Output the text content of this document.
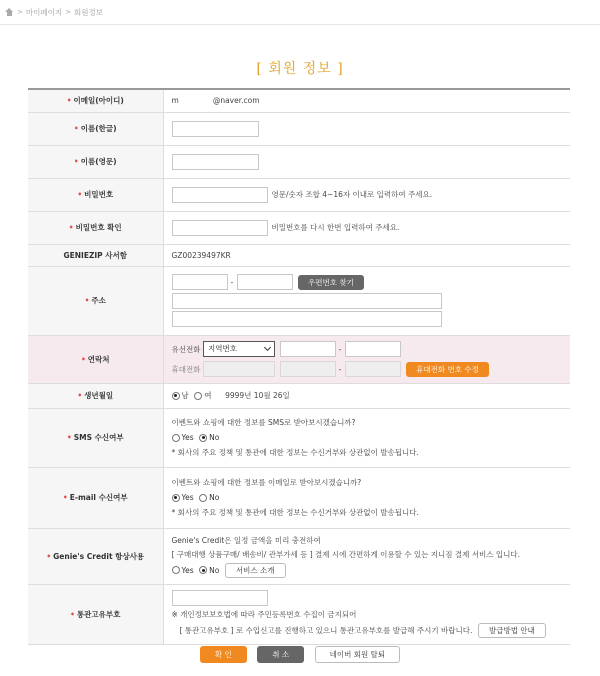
> 마이페이지 > 회원정보
[ 회원 정보 ]
• 이메일(아이디)	m @naver.com
• 이름(한글)	
• 이름(영문)	
• 비밀번호	영문/숫자 조합 4~16자 이내로 입력하여 주세요.
• 비밀번호 확인	비밀번호를 다시 한번 입력하여 주세요.
GENIEZIP 사서함	GZ00239497KR
• 주소	- 우편번호 찾기

• 연락처	유선전화 지역번호 -
휴대전화 - 휴대전화 번호 수정

• 생년월일	남 여 9999년 10월 26일
• SMS 수신여부	이벤트와 쇼핑에 대한 정보를 SMS로 받아보시겠습니까?
Yes No
* 회사의 주요 정책 및 통관에 대한 정보는 수신거부와 상관없이 발송됩니다.

• E-mail 수신여부	이벤트와 쇼핑에 대한 정보를 이메일로 받아보시겠습니까?
Yes No
* 회사의 주요 정책 및 통관에 대한 정보는 수신거부와 상관없이 발송됩니다.

• Genie's Credit 항상사용	Genie's Credit은 일정 금액을 미리 충전하여
[ 구매대행 상품구매/ 배송비/ 관부가세 등 ] 결제 시에 간편하게 이용할 수 있는 지니짐 결제 서비스 입니다.
Yes No 서비스 소개

• 통관고유부호	※ 개인정보보호법에 따라 주민등록번호 수집이 금지되어
[ 통관고유부호 ] 로 수입신고를 진행하고 있으니 통관고유부호를 발급해 주시기 바랍니다. 발급방법 안내
확 인	취 소	네이버 회원 탈퇴
